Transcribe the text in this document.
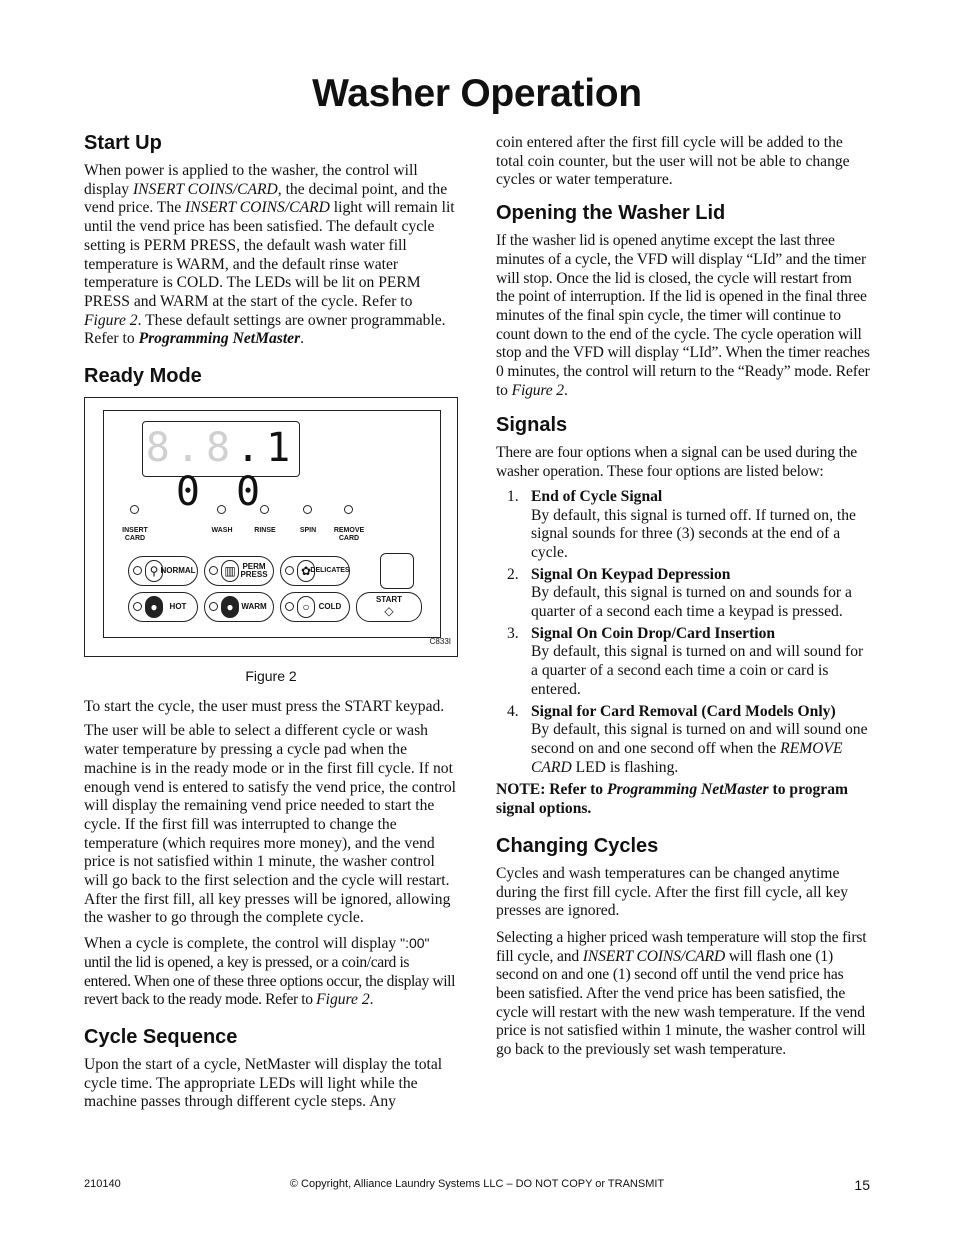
Washer Operation
Start Up

When power is applied to the washer, the control will display INSERT COINS/CARD, the decimal point, and the vend price. The INSERT COINS/CARD light will remain lit until the vend price has been satisfied. The default cycle setting is PERM PRESS, the default wash water fill temperature is WARM, and the default rinse water temperature is COLD. The LEDs will be lit on PERM PRESS and WARM at the start of the cycle. Refer to Figure 2. These default settings are owner programmable. Refer to Programming NetMaster.

Ready Mode
8.8.1 0 0
INSERT
CARD
WASH	RINSE	SPIN	REMOVE
CARD
⚲ NORMAL ▥ PERM
PRESS	✿ DELICATES
●	HOT	● WARM	○	COLD
START
◇
C833I
Figure 2

To start the cycle, the user must press the START keypad.

The user will be able to select a different cycle or wash water temperature by pressing a cycle pad when the machine is in the ready mode or in the first fill cycle. If not enough vend is entered to satisfy the vend price, the control will display the remaining vend price needed to start the cycle. If the first fill was interrupted to change the temperature (which requires more money), and the vend price is not satisfied within 1 minute, the washer control will go back to the first selection and the cycle will restart. After the first fill, all key presses will be ignored, allowing the washer to go through the complete cycle.

When a cycle is complete, the control will display ":00" until the lid is opened, a key is pressed, or a coin/card is entered. When one of these three options occur, the display will revert back to the ready mode. Refer to Figure 2.

Cycle Sequence

Upon the start of a cycle, NetMaster will display the total cycle time. The appropriate LEDs will light while the machine passes through different cycle steps. Any

coin entered after the first fill cycle will be added to the total coin counter, but the user will not be able to change cycles or water temperature.

Opening the Washer Lid

If the washer lid is opened anytime except the last three minutes of a cycle, the VFD will display “LId” and the timer will stop. Once the lid is closed, the cycle will restart from the point of interruption. If the lid is opened in the final three minutes of the final spin cycle, the timer will continue to count down to the end of the cycle. The cycle operation will stop and the VFD will display “LId”. When the timer reaches 0 minutes, the control will return to the “Ready” mode. Refer to Figure 2.

Signals

There are four options when a signal can be used during the washer operation. These four options are listed below:

1. End of Cycle Signal
By default, this signal is turned off. If turned on, the signal sounds for three (3) seconds at the end of a cycle.
2. Signal On Keypad Depression
By default, this signal is turned on and sounds for a quarter of a second each time a keypad is pressed.
3. Signal On Coin Drop/Card Insertion
By default, this signal is turned on and will sound for a quarter of a second each time a coin or card is entered.
4. Signal for Card Removal (Card Models Only)
By default, this signal is turned on and will sound one second on and one second off when the REMOVE CARD LED is flashing.

NOTE: Refer to Programming NetMaster to program signal options.

Changing Cycles

Cycles and wash temperatures can be changed anytime during the first fill cycle. After the first fill cycle, all key presses are ignored.

Selecting a higher priced wash temperature will stop the first fill cycle, and INSERT COINS/CARD will flash one (1) second on and one (1) second off until the vend price has been satisfied. After the vend price has been satisfied, the cycle will restart with the new wash temperature. If the vend price is not satisfied within 1 minute, the washer control will go back to the previously set wash temperature.

210140	© Copyright, Alliance Laundry Systems LLC – DO NOT COPY or TRANSMIT	15
